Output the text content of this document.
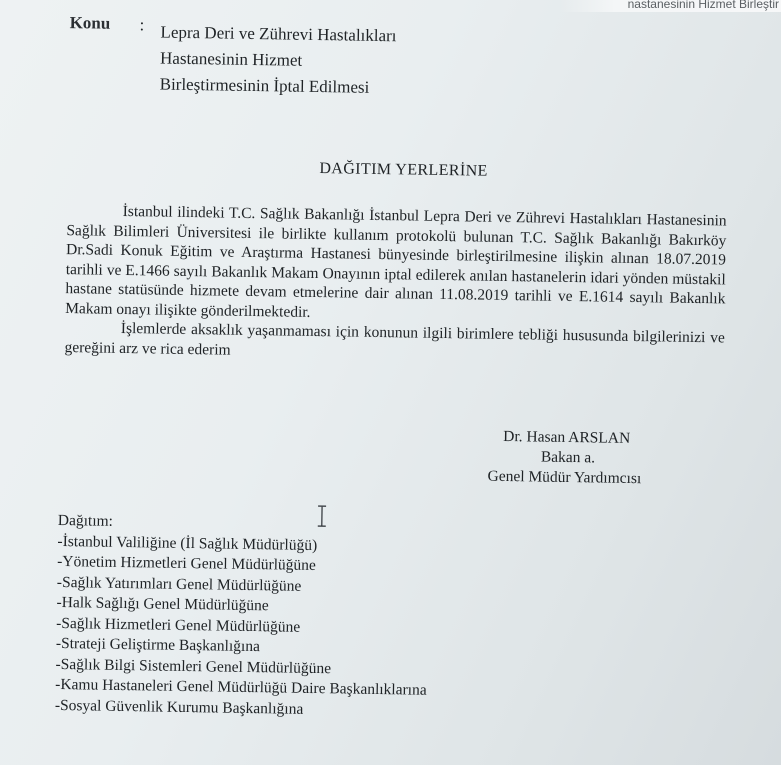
nastanesinin Hizmet Birleştir
Konu : Lepra Deri ve Zührevi Hastalıkları
Hastanesinin Hizmet
Birleştirmesinin İptal Edilmesi
DAĞITIM YERLERİNE

İstanbul ilindeki T.C. Sağlık Bakanlığı İstanbul Lepra Deri ve Zührevi Hastalıkları Hastanesinin Sağlık Bilimleri Üniversitesi ile birlikte kullanım protokolü bulunan T.C. Sağlık Bakanlığı Bakırköy Dr.Sadi Konuk Eğitim ve Araştırma Hastanesi bünyesinde birleştirilmesine ilişkin alınan 18.07.2019 tarihli ve E.1466 sayılı Bakanlık Makam Onayının iptal edilerek anılan hastanelerin idari yönden müstakil hastane statüsünde hizmete devam etmelerine dair alınan 11.08.2019 tarihli ve E.1614 sayılı Bakanlık Makam onayı ilişikte gönderilmektedir.

İşlemlerde aksaklık yaşanmaması için konunun ilgili birimlere tebliği hususunda bilgilerinizi ve gereğini arz ve rica ederim

Dr. Hasan ARSLAN
Bakan a.
Genel Müdür Yardımcısı
Dağıtım:
-İstanbul Valiliğine (İl Sağlık Müdürlüğü)
-Yönetim Hizmetleri Genel Müdürlüğüne
-Sağlık Yatırımları Genel Müdürlüğüne
-Halk Sağlığı Genel Müdürlüğüne
-Sağlık Hizmetleri Genel Müdürlüğüne
-Strateji Geliştirme Başkanlığına
-Sağlık Bilgi Sistemleri Genel Müdürlüğüne
-Kamu Hastaneleri Genel Müdürlüğü Daire Başkanlıklarına
-Sosyal Güvenlik Kurumu Başkanlığına
